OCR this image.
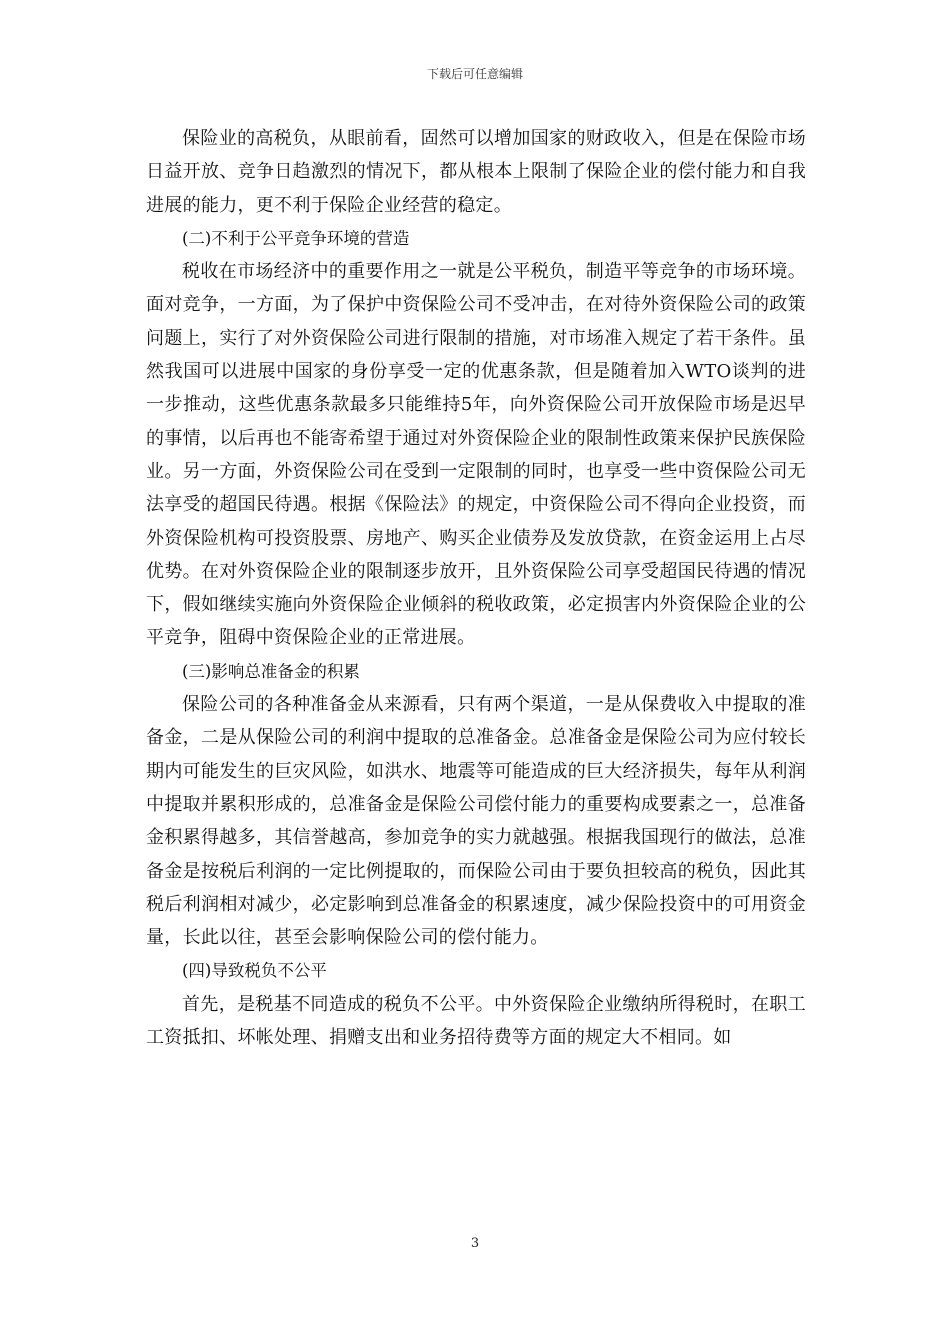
下载后可任意编辑

保险业的高税负，从眼前看，固然可以增加国家的财政收入，但是在保险市场日益开放、竞争日趋激烈的情况下，都从根本上限制了保险企业的偿付能力和自我进展的能力，更不利于保险企业经营的稳定。

(二)不利于公平竞争环境的营造

税收在市场经济中的重要作用之一就是公平税负，制造平等竞争的市场环境。面对竞争，一方面，为了保护中资保险公司不受冲击，在对待外资保险公司的政策问题上，实行了对外资保险公司进行限制的措施，对市场准入规定了若干条件。虽然我国可以进展中国家的身份享受一定的优惠条款，但是随着加入WTO谈判的进一步推动，这些优惠条款最多只能维持5年，向外资保险公司开放保险市场是迟早的事情，以后再也不能寄希望于通过对外资保险企业的限制性政策来保护民族保险业。另一方面，外资保险公司在受到一定限制的同时，也享受一些中资保险公司无法享受的超国民待遇。根据《保险法》的规定，中资保险公司不得向企业投资，而外资保险机构可投资股票、房地产、购买企业债券及发放贷款，在资金运用上占尽优势。在对外资保险企业的限制逐步放开，且外资保险公司享受超国民待遇的情况下，假如继续实施向外资保险企业倾斜的税收政策，必定损害内外资保险企业的公平竞争，阻碍中资保险企业的正常进展。

(三)影响总准备金的积累

保险公司的各种准备金从来源看，只有两个渠道，一是从保费收入中提取的准备金，二是从保险公司的利润中提取的总准备金。总准备金是保险公司为应付较长期内可能发生的巨灾风险，如洪水、地震等可能造成的巨大经济损失，每年从利润中提取并累积形成的，总准备金是保险公司偿付能力的重要构成要素之一，总准备金积累得越多，其信誉越高，参加竞争的实力就越强。根据我国现行的做法，总准备金是按税后利润的一定比例提取的，而保险公司由于要负担较高的税负，因此其税后利润相对减少，必定影响到总准备金的积累速度，减少保险投资中的可用资金量，长此以往，甚至会影响保险公司的偿付能力。

(四)导致税负不公平

首先，是税基不同造成的税负不公平。中外资保险企业缴纳所得税时，在职工工资抵扣、坏帐处理、捐赠支出和业务招待费等方面的规定大不相同。如

3
